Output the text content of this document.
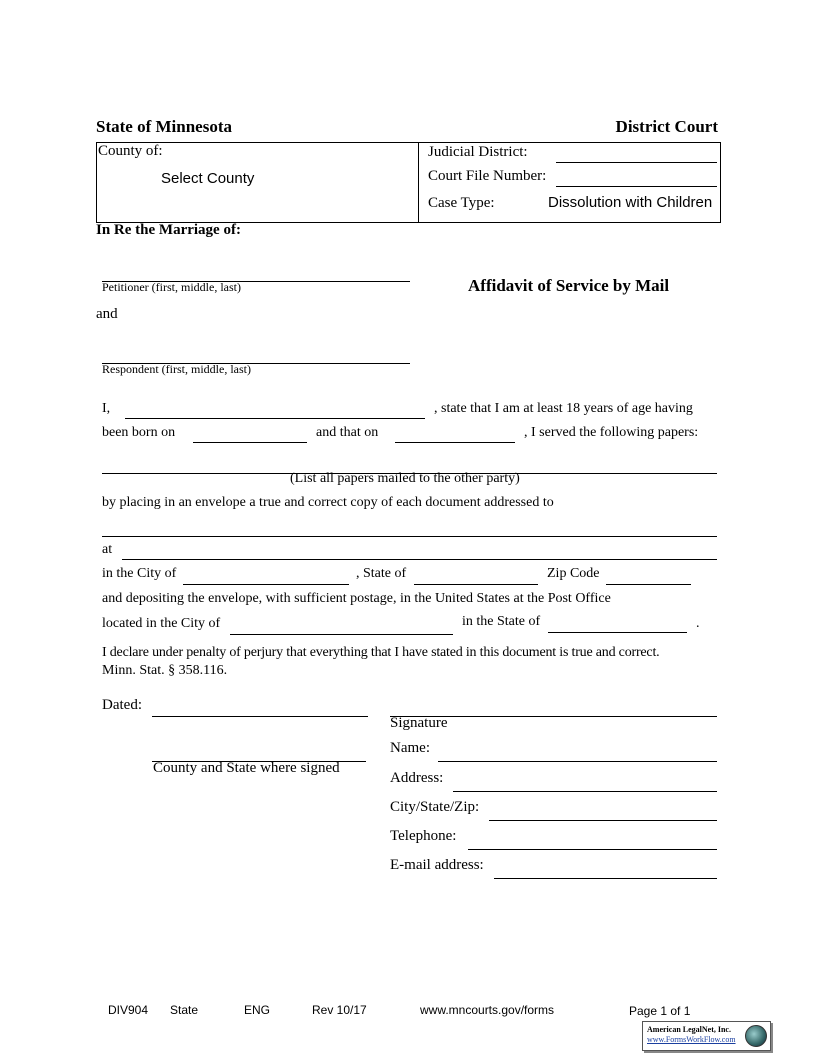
State of Minnesota	District Court
County of:
Select County
Judicial District:
Court File Number:
Case Type:	Dissolution with Children
In Re the Marriage of:
Petitioner (first, middle, last)	Affidavit of Service by Mail
and
Respondent (first, middle, last)
I,	, state that I am at least 18 years of age having
been born on	and that on	, I served the following papers:
(List all papers mailed to the other party)
by placing in an envelope a true and correct copy of each document addressed to
at
in the City of	, State of	Zip Code
and depositing the envelope, with sufficient postage, in the United States at the Post Office
located in the City of	in the State of	.
I declare under penalty of perjury that everything that I have stated in this document is true and correct.
Minn. Stat. § 358.116.
Dated:
Signature
Name:
County and State where signed
Address:
City/State/Zip:
Telephone:
E-mail address:
DIV904 State	ENG	Rev 10/17	www.mncourts.gov/forms	Page 1 of 1
American LegalNet, Inc.
www.FormsWorkFlow.com
